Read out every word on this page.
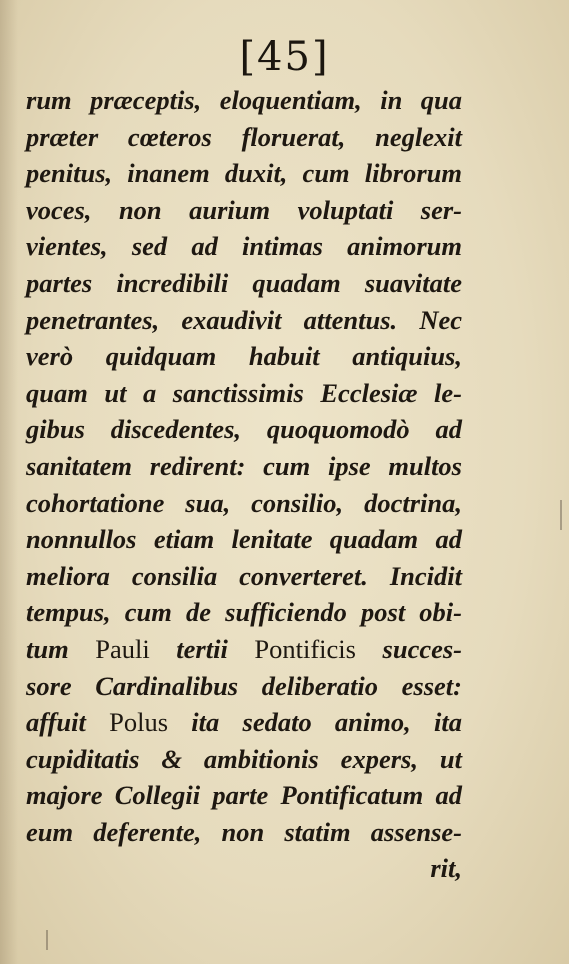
[45]
rum præceptis, eloquentiam, in qua
præter cœteros floruerat, neglexit
penitus, inanem duxit, cum librorum
voces, non aurium voluptati ser-
vientes, sed ad intimas animorum
partes incredibili quadam suavitate
penetrantes, exaudivit attentus. Nec
verò quidquam habuit antiquius,
quam ut a sanctissimis Ecclesiæ le-
gibus discedentes, quoquomodò ad
sanitatem redirent: cum ipse multos
cohortatione sua, consilio, doctrina,
nonnullos etiam lenitate quadam ad
meliora consilia converteret. Incidit
tempus, cum de sufficiendo post obi-
tum Pauli tertii Pontificis succes-
sore Cardinalibus deliberatio esset:
affuit Polus ita sedato animo, ita
cupiditatis & ambitionis expers, ut
majore Collegii parte Pontificatum ad
eum deferente, non statim assense-
rit,
